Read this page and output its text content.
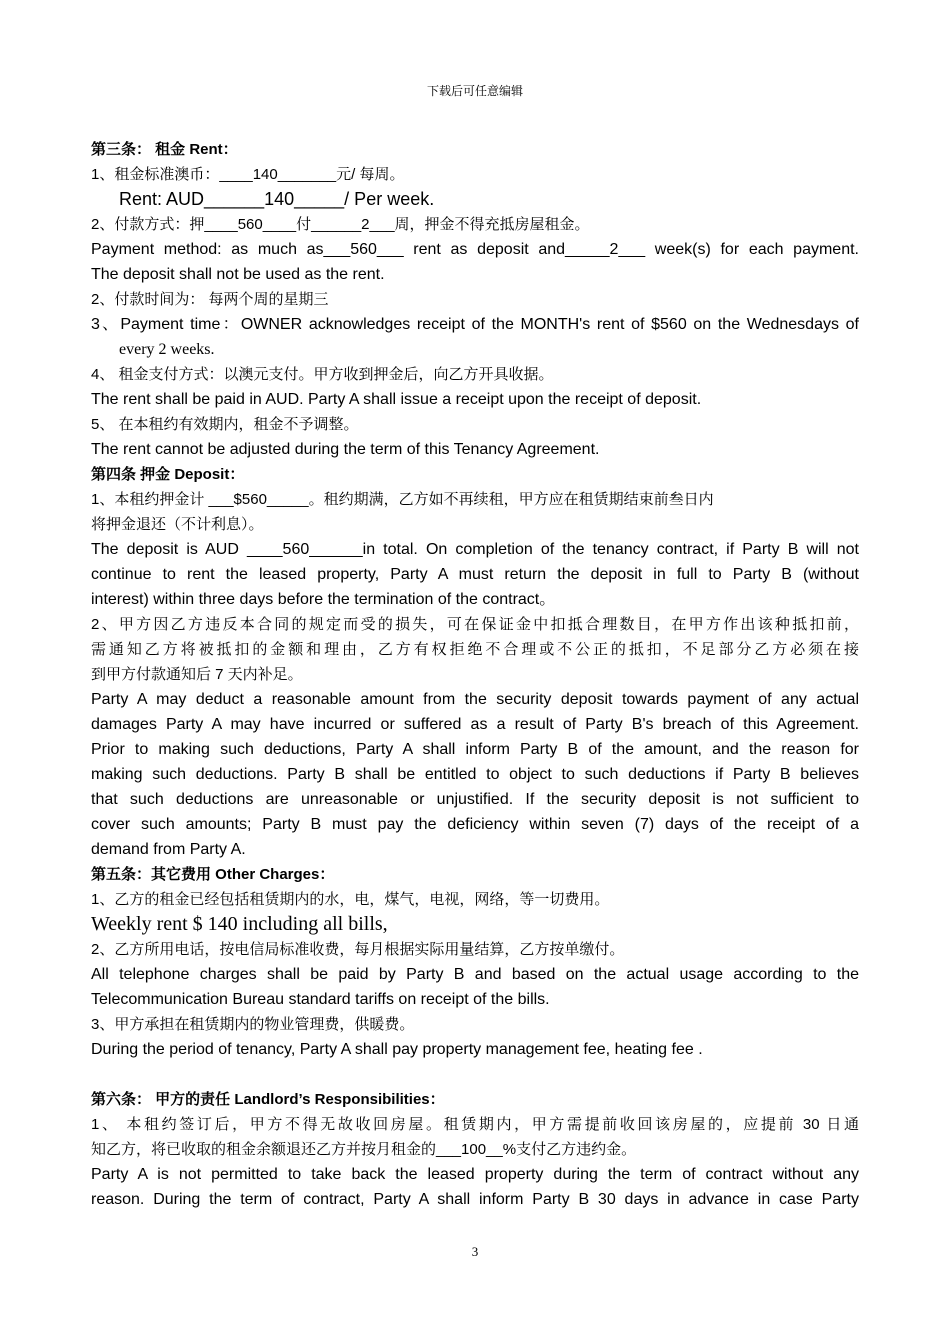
下载后可任意编辑
第三条： 租金 Rent：
1、租金标准澳币：____140_______元/ 每周。
Rent: AUD______140_____/ Per week.
2、付款方式：押____560____付______2___周，押金不得充抵房屋租金。
Payment method: as much as___560___ rent as deposit and_____2___ week(s) for each payment.
The deposit shall not be used as the rent.
2、付款时间为： 每两个周的星期三
3、Payment time：OWNER acknowledges receipt of the MONTH's rent of $560 on the Wednesdays of
every 2 weeks.
4、 租金支付方式：以澳元支付。甲方收到押金后，向乙方开具收据。
The rent shall be paid in AUD. Party A shall issue a receipt upon the receipt of deposit.
5、 在本租约有效期内，租金不予调整。
The rent cannot be adjusted during the term of this Tenancy Agreement.
第四条 押金 Deposit：
1、本租约押金计 ___$560_____。租约期满，乙方如不再续租，甲方应在租赁期结束前叁日内
将押金退还（不计利息）。
The deposit is AUD ____560______in total. On completion of the tenancy contract, if Party B will not
continue to rent the leased property, Party A must return the deposit in full to Party B (without
interest) within three days before the termination of the contract。
2、甲方因乙方违反本合同的规定而受的损失，可在保证金中扣抵合理数目，在甲方作出该种抵扣前，
需通知乙方将被抵扣的金额和理由，乙方有权拒绝不合理或不公正的抵扣，不足部分乙方必须在接
到甲方付款通知后 7 天内补足。
Party A may deduct a reasonable amount from the security deposit towards payment of any actual
damages Party A may have incurred or suffered as a result of Party B's breach of this Agreement.
Prior to making such deductions, Party A shall inform Party B of the amount, and the reason for
making such deductions. Party B shall be entitled to object to such deductions if Party B believes
that such deductions are unreasonable or unjustified. If the security deposit is not sufficient to
cover such amounts; Party B must pay the deficiency within seven (7) days of the receipt of a
demand from Party A.
第五条：其它费用 Other Charges：
1、乙方的租金已经包括租赁期内的水，电，煤气，电视，网络，等一切费用。
Weekly rent $ 140 including all bills,
2、乙方所用电话，按电信局标准收费，每月根据实际用量结算，乙方按单缴付。
All telephone charges shall be paid by Party B and based on the actual usage according to the
Telecommunication Bureau standard tariffs on receipt of the bills.
3、甲方承担在租赁期内的物业管理费，供暖费。
During the period of tenancy, Party A shall pay property management fee, heating fee .
第六条： 甲方的责任 Landlord’s Responsibilities：
1、 本租约签订后，甲方不得无故收回房屋。租赁期内，甲方需提前收回该房屋的，应提前 30 日通
知乙方，将已收取的租金余额退还乙方并按月租金的___100__%支付乙方违约金。
Party A is not permitted to take back the leased property during the term of contract without any
reason. During the term of contract, Party A shall inform Party B 30 days in advance in case Party
3
